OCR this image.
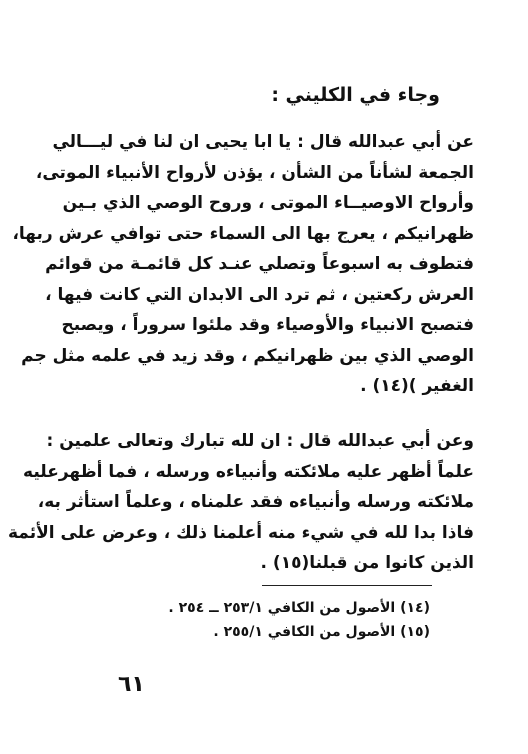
وجاء في الكليني :
عن أبي عبدالله قال : يا ابا يحيى ان لنا في ليـــالي
الجمعة لشأناً من الشأن ، يؤذن لأرواح الأنبياء الموتى،
وأرواح الاوصيــاء الموتى ، وروح الوصي الذي بـين
ظهرانيكم ، يعرج بها الى السماء حتى توافي عرش ربها،
فتطوف به اسبوعاً وتصلي عنـد كل قائمـة من قوائم
العرش ركعتين ، ثم ترد الى الابدان التي كانت فيها ،
فتصبح الانبياء والأوصياء وقد ملئوا سروراً ، ويصبح
الوصي الذي بين ظهرانيكم ، وقد زيد في علمه مثل جم
الغفير )(١٤) .
وعن أبي عبدالله قال : ان لله تبارك وتعالى علمين :
علماً أظهر عليه ملائكته وأنبياءه ورسله ، فما أظهرعليه
ملائكته ورسله وأنبياءه فقد علمناه ، وعلماً استأثر به،
فاذا بدا لله في شيء منه أعلمنا ذلك ، وعرض على الأئمة
الذين كانوا من قبلنا(١٥) .
(١٤) الأصول من الكافي ٢٥٣/١ ــ ٢٥٤ .
(١٥) الأصول من الكافي ٢٥٥/١ .
٦١
